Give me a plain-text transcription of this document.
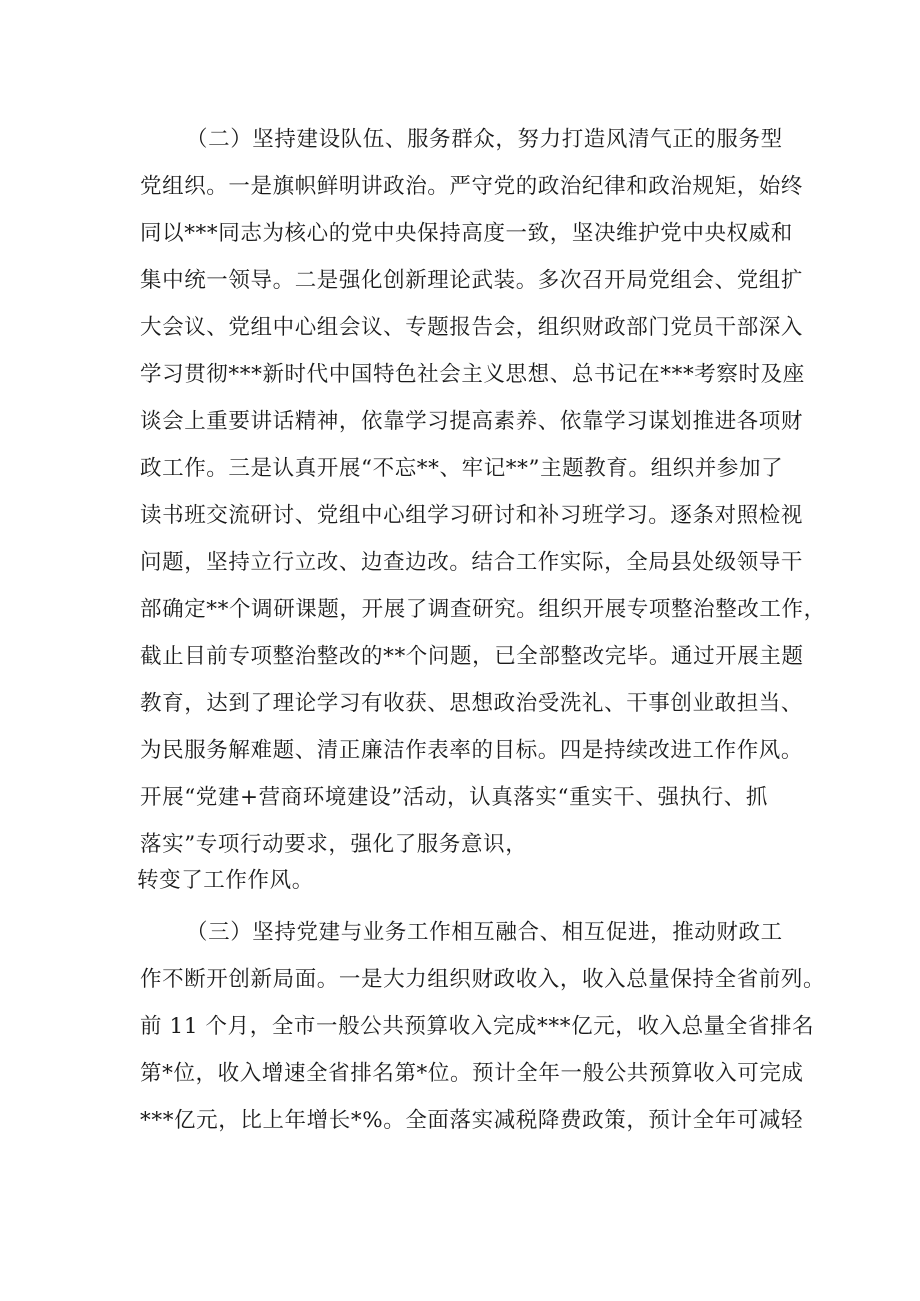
（二）坚持建设队伍、服务群众，努力打造风清气正的服务型
党组织。一是旗帜鲜明讲政治。严守党的政治纪律和政治规矩，始终
同以***同志为核心的党中央保持高度一致，坚决维护党中央权威和
集中统一领导。二是强化创新理论武装。多次召开局党组会、党组扩
大会议、党组中心组会议、专题报告会，组织财政部门党员干部深入
学习贯彻***新时代中国特色社会主义思想、总书记在***考察时及座
谈会上重要讲话精神，依靠学习提高素养、依靠学习谋划推进各项财
政工作。三是认真开展“不忘**、牢记**”主题教育。组织并参加了
读书班交流研讨、党组中心组学习研讨和补习班学习。逐条对照检视
问题，坚持立行立改、边查边改。结合工作实际，全局县处级领导干
部确定**个调研课题，开展了调查研究。组织开展专项整治整改工作，
截止目前专项整治整改的**个问题，已全部整改完毕。通过开展主题
教育，达到了理论学习有收获、思想政治受洗礼、干事创业敢担当、
为民服务解难题、清正廉洁作表率的目标。四是持续改进工作作风。
开展“党建+营商环境建设”活动，认真落实“重实干、强执行、抓
落实”专项行动要求，强化了服务意识，
转变了工作作风。
（三）坚持党建与业务工作相互融合、相互促进，推动财政工
作不断开创新局面。一是大力组织财政收入，收入总量保持全省前列。
前 11 个月，全市一般公共预算收入完成***亿元，收入总量全省排名
第*位，收入增速全省排名第*位。预计全年一般公共预算收入可完成
***亿元，比上年增长*%。全面落实减税降费政策，预计全年可减轻
